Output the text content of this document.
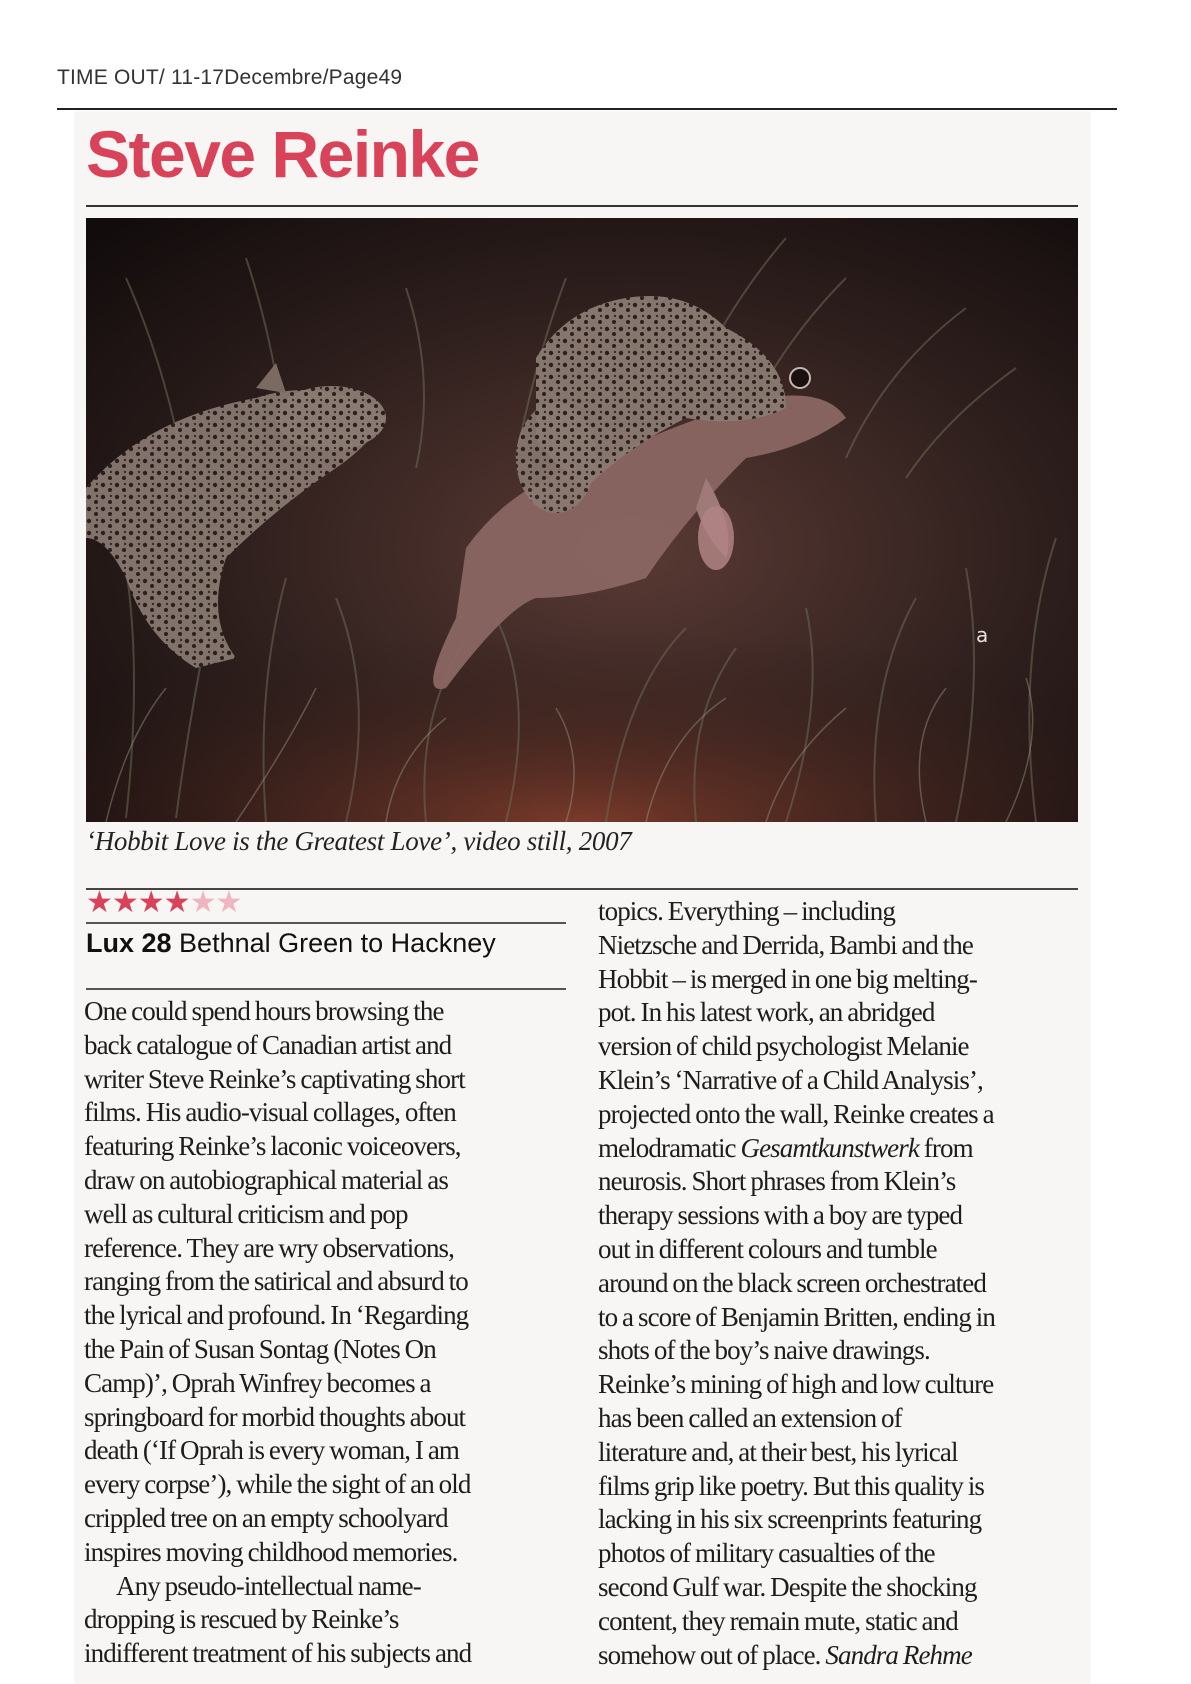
TIME OUT/ 11-17Decembre/Page49
Steve Reinke
a
‘Hobbit Love is the Greatest Love’, video still, 2007
★★★★★★
Lux 28 Bethnal Green to Hackney
One could spend hours browsing the
back catalogue of Canadian artist and
writer Steve Reinke’s captivating short
films. His audio-visual collages, often
featuring Reinke’s laconic voiceovers,
draw on autobiographical material as
well as cultural criticism and pop
reference. They are wry observations,
ranging from the satirical and absurd to
the lyrical and profound. In ‘Regarding
the Pain of Susan Sontag (Notes On
Camp)’, Oprah Winfrey becomes a
springboard for morbid thoughts about
death (‘If Oprah is every woman, I am
every corpse’), while the sight of an old
crippled tree on an empty schoolyard
inspires moving childhood memories.
Any pseudo-intellectual name-
dropping is rescued by Reinke’s
indifferent treatment of his subjects and
topics. Everything – including
Nietzsche and Derrida, Bambi and the
Hobbit – is merged in one big melting-
pot. In his latest work, an abridged
version of child psychologist Melanie
Klein’s ‘Narrative of a Child Analysis’,
projected onto the wall, Reinke creates a
melodramatic Gesamtkunstwerk from
neurosis. Short phrases from Klein’s
therapy sessions with a boy are typed
out in different colours and tumble
around on the black screen orchestrated
to a score of Benjamin Britten, ending in
shots of the boy’s naive drawings.
Reinke’s mining of high and low culture
has been called an extension of
literature and, at their best, his lyrical
films grip like poetry. But this quality is
lacking in his six screenprints featuring
photos of military casualties of the
second Gulf war. Despite the shocking
content, they remain mute, static and
somehow out of place. Sandra Rehme
